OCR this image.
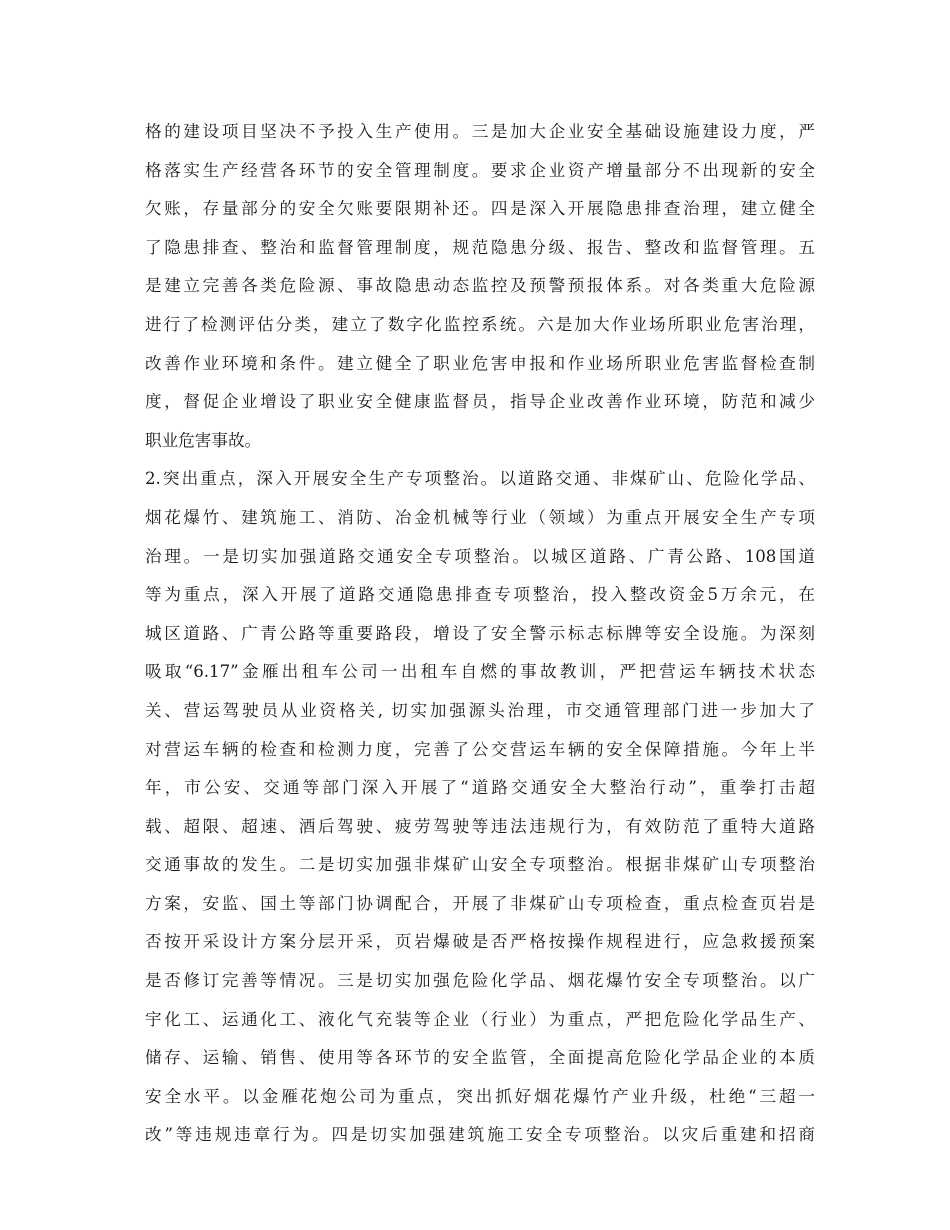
格的建设项目坚决不予投入生产使用。三是加大企业安全基础设施建设力度，严
格落实生产经营各环节的安全管理制度。要求企业资产增量部分不出现新的安全
欠账，存量部分的安全欠账要限期补还。四是深入开展隐患排查治理，建立健全
了隐患排查、整治和监督管理制度，规范隐患分级、报告、整改和监督管理。五
是建立完善各类危险源、事故隐患动态监控及预警预报体系。对各类重大危险源
进行了检测评估分类，建立了数字化监控系统。六是加大作业场所职业危害治理，
改善作业环境和条件。建立健全了职业危害申报和作业场所职业危害监督检查制
度，督促企业增设了职业安全健康监督员，指导企业改善作业环境，防范和减少
职业危害事故。
2.突出重点，深入开展安全生产专项整治。以道路交通、非煤矿山、危险化学品、
烟花爆竹、建筑施工、消防、冶金机械等行业（领域）为重点开展安全生产专项
治理。一是切实加强道路交通安全专项整治。以城区道路、广青公路、108国道
等为重点，深入开展了道路交通隐患排查专项整治，投入整改资金5万余元，在
城区道路、广青公路等重要路段，增设了安全警示标志标牌等安全设施。为深刻
吸取“6.17”金雁出租车公司一出租车自燃的事故教训，严把营运车辆技术状态
关、营运驾驶员从业资格关, 切实加强源头治理，市交通管理部门进一步加大了
对营运车辆的检查和检测力度，完善了公交营运车辆的安全保障措施。今年上半
年，市公安、交通等部门深入开展了“道路交通安全大整治行动”，重拳打击超
载、超限、超速、酒后驾驶、疲劳驾驶等违法违规行为，有效防范了重特大道路
交通事故的发生。二是切实加强非煤矿山安全专项整治。根据非煤矿山专项整治
方案，安监、国土等部门协调配合，开展了非煤矿山专项检查，重点检查页岩是
否按开采设计方案分层开采，页岩爆破是否严格按操作规程进行，应急救援预案
是否修订完善等情况。三是切实加强危险化学品、烟花爆竹安全专项整治。以广
宇化工、运通化工、液化气充装等企业（行业）为重点，严把危险化学品生产、
储存、运输、销售、使用等各环节的安全监管，全面提高危险化学品企业的本质
安全水平。以金雁花炮公司为重点，突出抓好烟花爆竹产业升级，杜绝“三超一
改”等违规违章行为。四是切实加强建筑施工安全专项整治。以灾后重建和招商
